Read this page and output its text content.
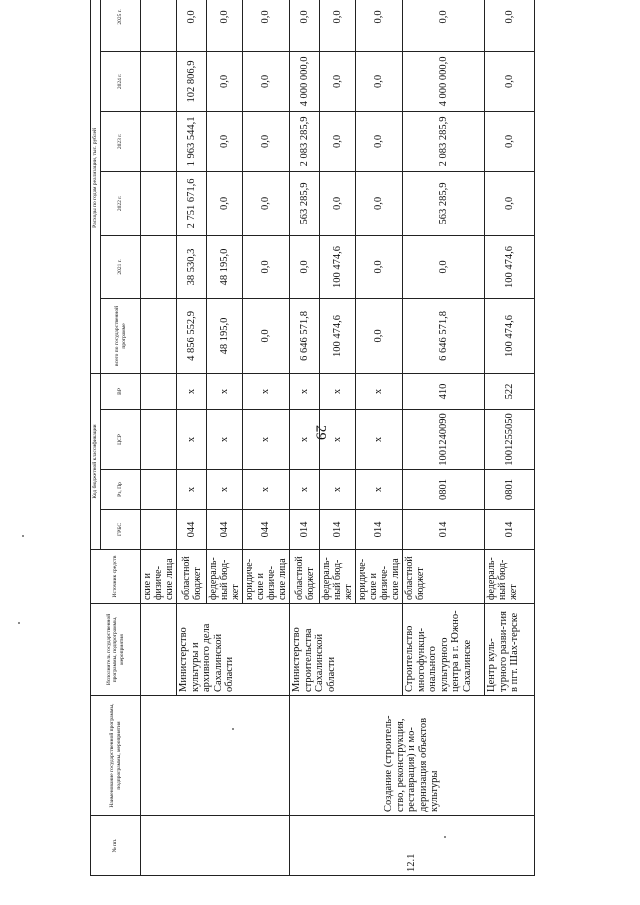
29
№ пп.	Наименование государственной программы, подпрограммы, мероприятия	Исполнитель государственной программы, подпрограммы, мероприятия	Источник средств	Код бюджетной классификации				Расходы по годам реализации, тыс. рублей					
				ГРБС	Рз, Пр	ЦСР	ВР	всего по государственной программе	2021 г.	2022 г.	2023 г.	2024 г.	2025 г.
			ские и физиче-ские лица										
		Министерство культуры и архивного дела Сахалинской области	областной бюджет	044	х	х	х	4 856 552,9	38 530,3	2 751 671,6	1 963 544,1	102 806,9	0,0
			федераль-ный бюд-жет	044	х	х	х	48 195,0	48 195,0	0,0	0,0	0,0	0,0
			юридиче-ские и физиче-ские лица	044	х	х	х	0,0	0,0	0,0	0,0	0,0	0,0
12.1	Создание (строитель-ство, реконструкция, реставрация) и мо-дернизация объектов культуры	Министерство строительства Сахалинской области	областной бюджет	014	х	х	х	6 646 571,8	0,0	563 285,9	2 083 285,9	4 000 000,0	0,0
			федераль-ный бюд-жет	014	х	х	х	100 474,6	100 474,6	0,0	0,0	0,0	0,0
			юридиче-ские и физиче-ские лица	014	х	х	х	0,0	0,0	0,0	0,0	0,0	0,0
		Строительство многофункци-онального культурного центра в г. Южно-Сахалинске	областной бюджет	014	0801	1001240090	410	6 646 571,8	0,0	563 285,9	2 083 285,9	4 000 000,0	0,0
		Центр куль-турного разви-тия в пгт. Шах-терске	федераль-ный бюд-жет	014	0801	1001255050	522	100 474,6	100 474,6	0,0	0,0	0,0	0,0
